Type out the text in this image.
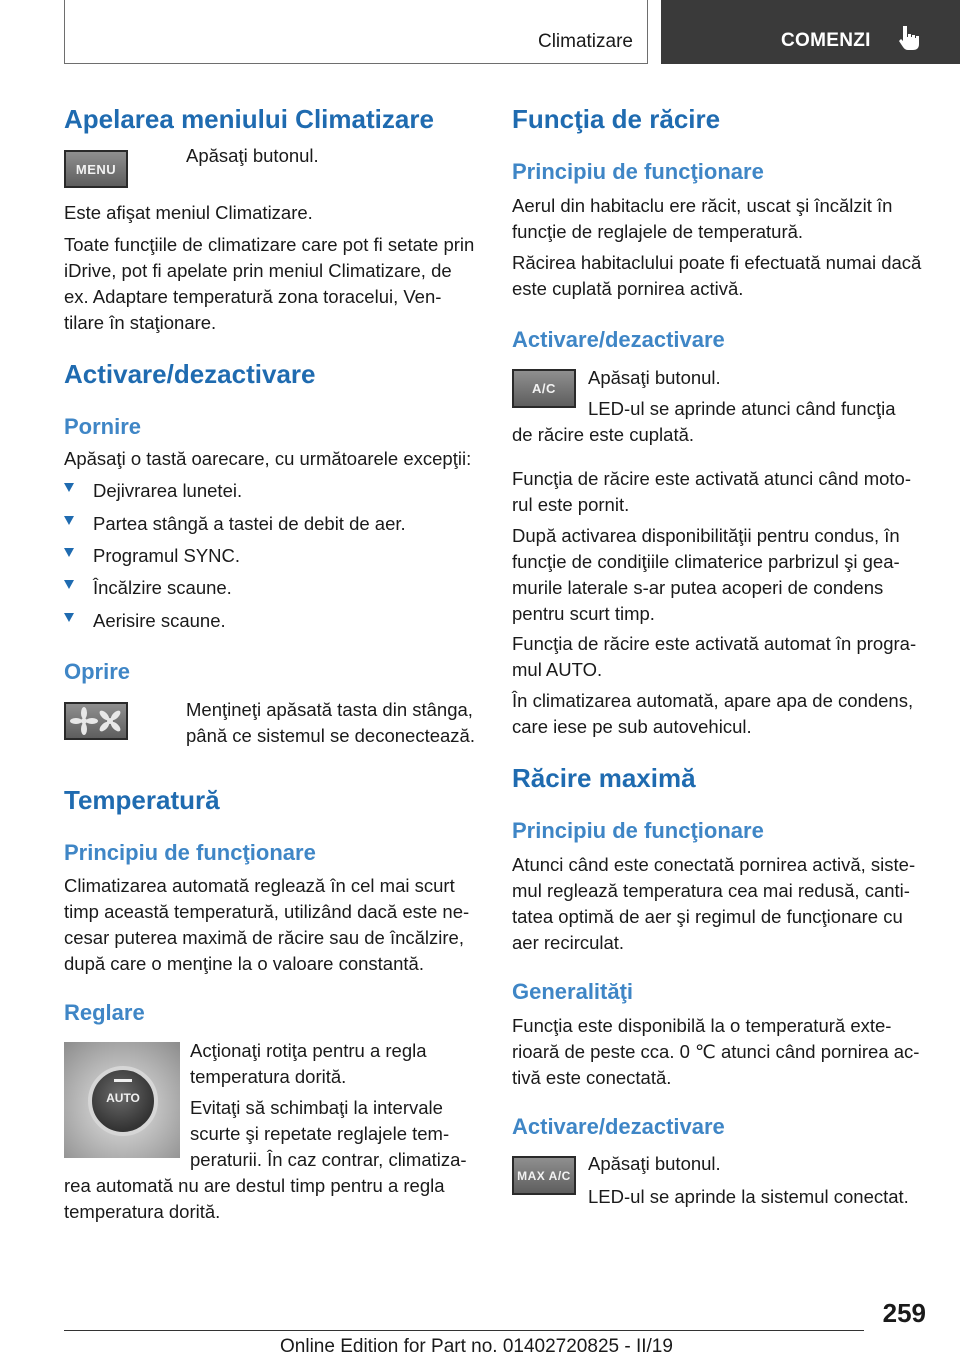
Climatizare	COMENZI
Apelarea meniului Climatizare
MENU
Apăsaţi butonul.
Este afişat meniul Climatizare.
Toate funcţiile de climatizare care pot fi setate prin iDrive, pot fi apelate prin meniul Climatizare, de ex. Adaptare temperatură zona toracelui, Ven‐tilare în staţionare.
Activare/dezactivare
Pornire
Apăsaţi o tastă oarecare, cu următoarele excepţii:
Dejivrarea lunetei.
Partea stângă a tastei de debit de aer.
Programul SYNC.
Încălzire scaune.
Aerisire scaune.
Oprire
Menţineţi apăsată tasta din stânga, până ce sistemul se deconectează.
Temperatură
Principiu de funcţionare
Climatizarea automată reglează în cel mai scurt timp această temperatură, utilizând dacă este ne‐cesar puterea maximă de răcire sau de încălzire, după care o menţine la o valoare constantă.
Reglare
AUTO
Acţionaţi rotiţa pentru a regla temperatura dorită.
Evitaţi să schimbaţi la intervale scurte şi repetate reglajele tem‐peraturii. În caz contrar, climatiza‐
rea automată nu are destul timp pentru a regla temperatura dorită.
Funcţia de răcire
Principiu de funcţionare
Aerul din habitaclu ere răcit, uscat şi încălzit în funcţie de reglajele de temperatură.
Răcirea habitaclului poate fi efectuată numai dacă este cuplată pornirea activă.
Activare/dezactivare
A/C
Apăsaţi butonul.
LED-ul se aprinde atunci când funcţia
de răcire este cuplată.
Funcţia de răcire este activată atunci când moto‐rul este pornit.
După activarea disponibilităţii pentru condus, în funcţie de condiţiile climaterice parbrizul şi gea‐murile laterale s-ar putea acoperi de condens pentru scurt timp.
Funcţia de răcire este activată automat în progra‐mul AUTO.
În climatizarea automată, apare apa de condens, care iese pe sub autovehicul.
Răcire maximă
Principiu de funcţionare
Atunci când este conectată pornirea activă, siste‐mul reglează temperatura cea mai redusă, canti‐tatea optimă de aer şi regimul de funcţionare cu aer recirculat.
Generalităţi
Funcţia este disponibilă la o temperatură exte‐rioară de peste cca. 0 ℃ atunci când pornirea ac‐tivă este conectată.
Activare/dezactivare
MAX A/C
Apăsaţi butonul.
LED-ul se aprinde la sistemul conectat.
259
Online Edition for Part no. 01402720825 - II/19
